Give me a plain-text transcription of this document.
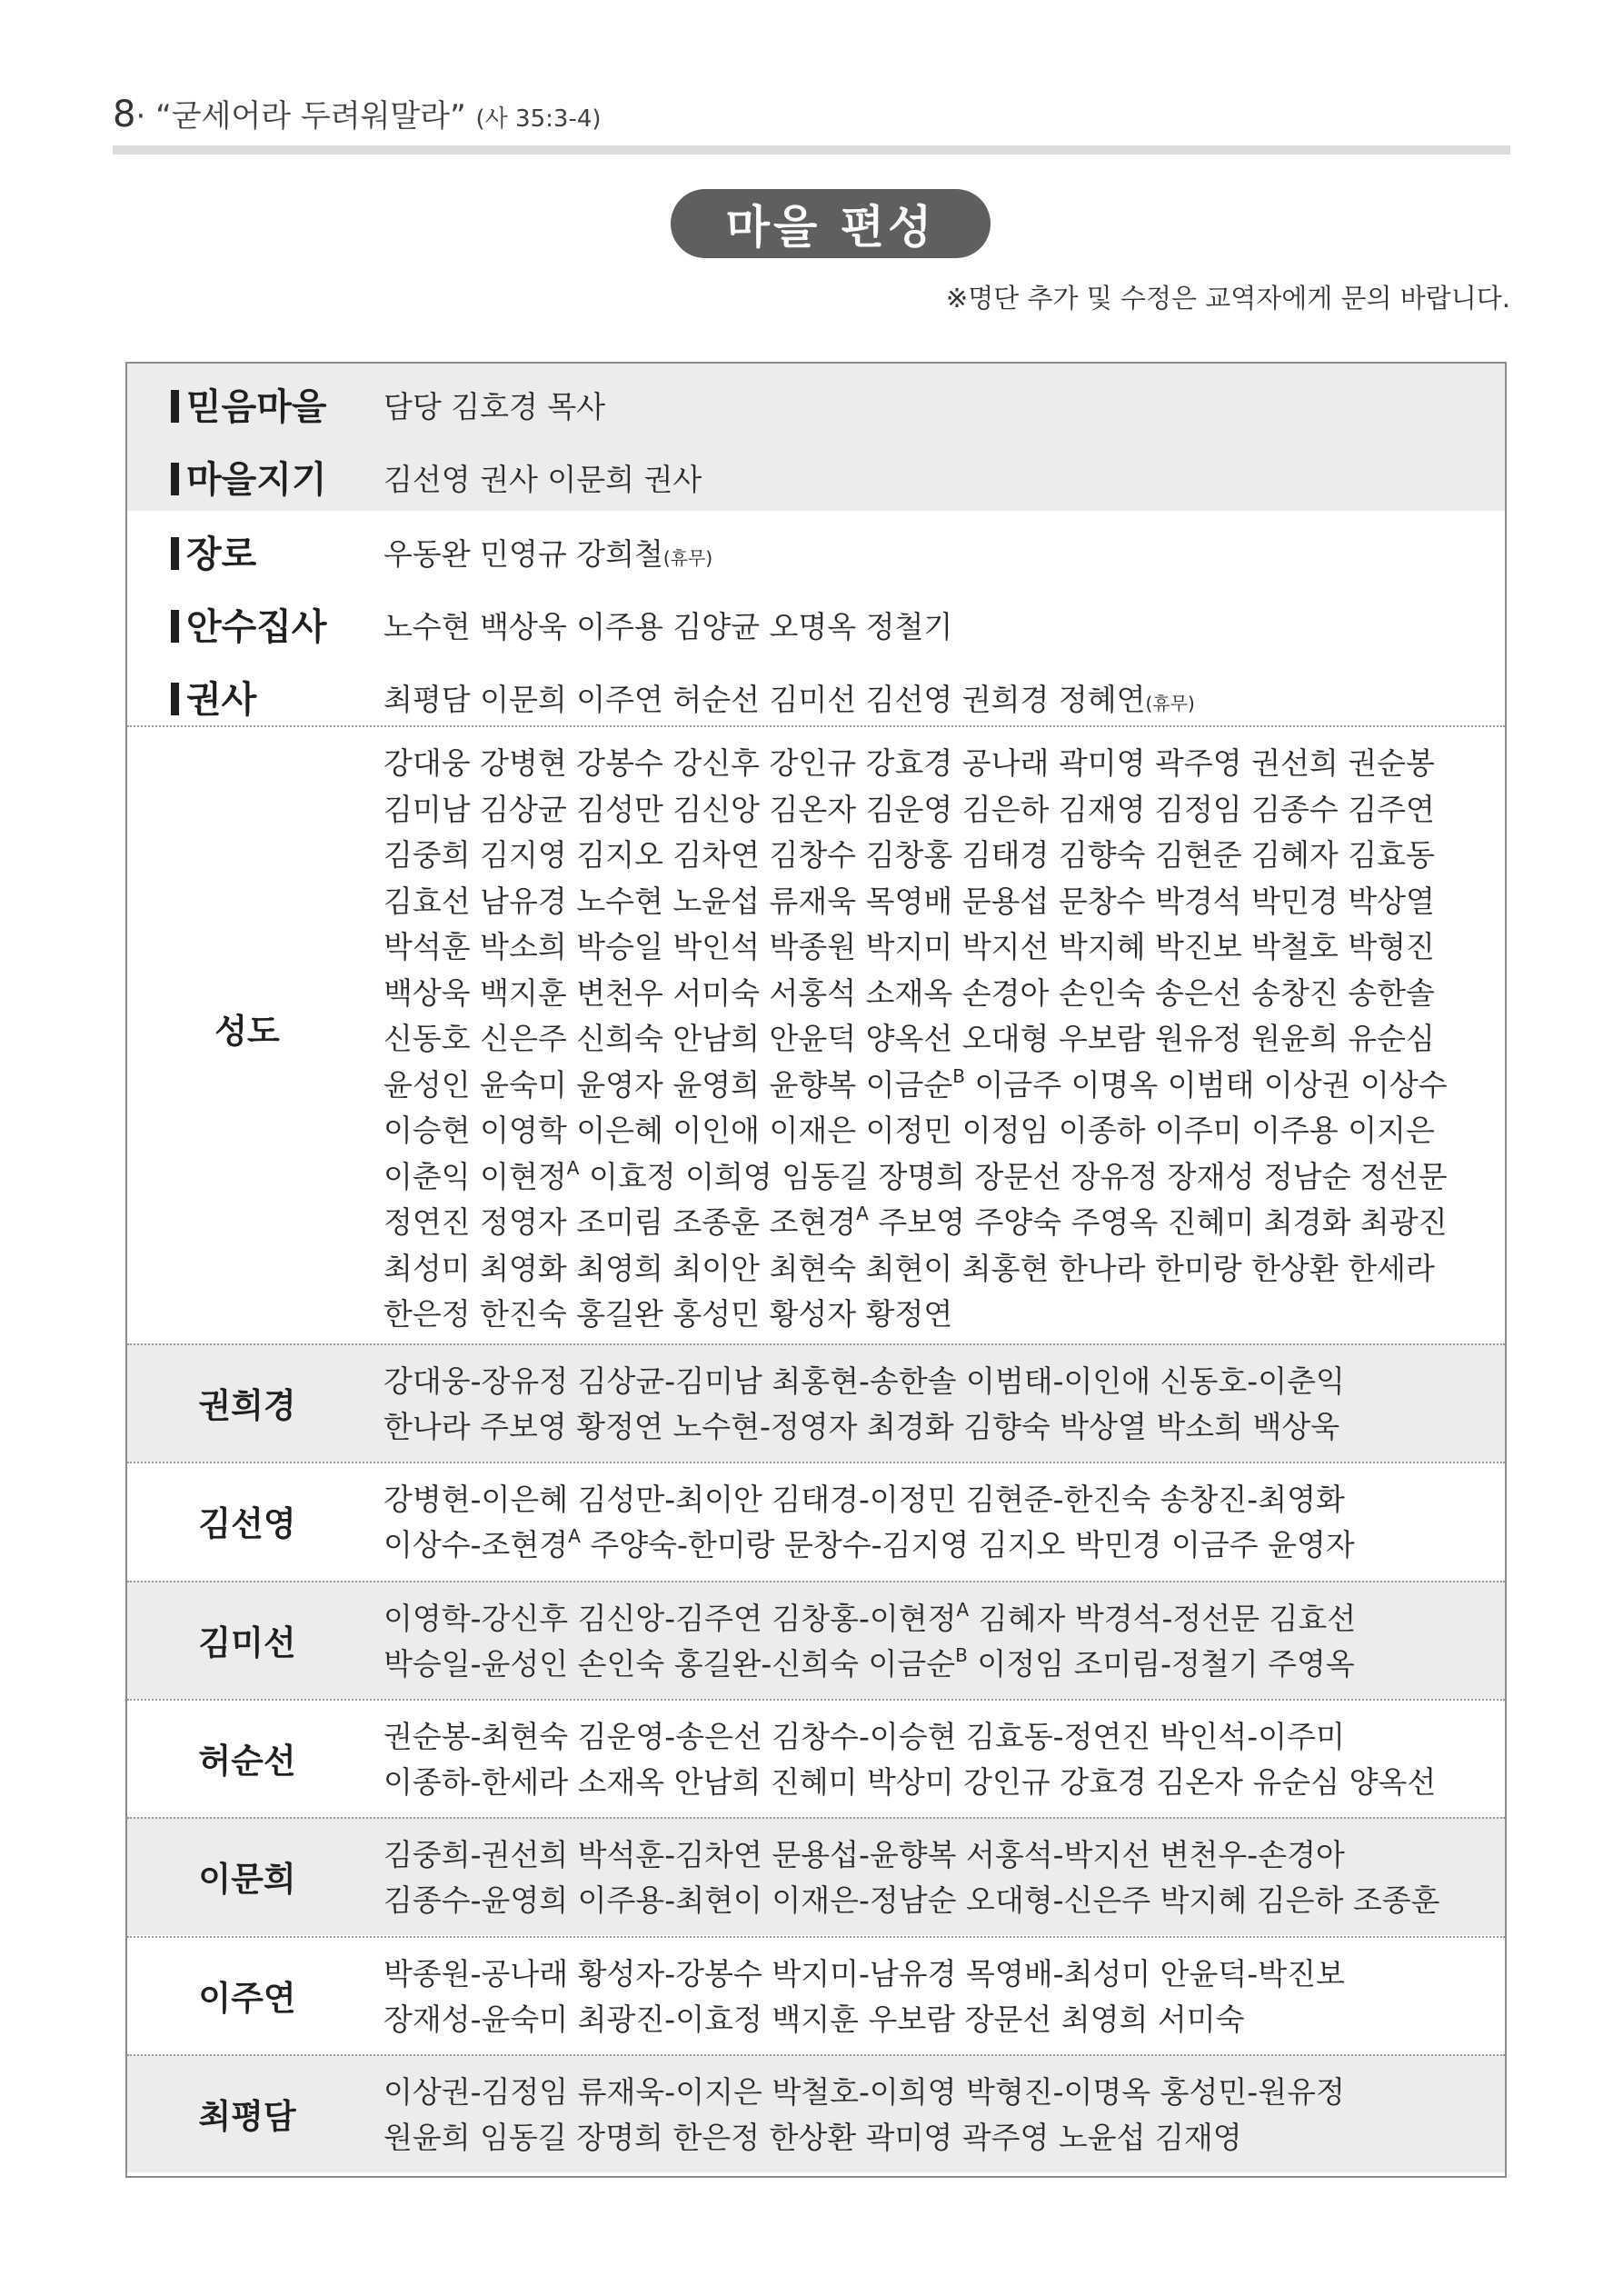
8· “굳세어라 두려워말라” (사 35:3-4)
마을 편성
※명단 추가 및 수정은 교역자에게 문의 바랍니다.
믿음마을 담당 김호경 목사
마을지기 김선영 권사 이문희 권사
장로	우동완 민영규 강희철(휴무)
안수집사 노수현 백상욱 이주용 김양균 오명옥 정철기
권사	최평담 이문희 이주연 허순선 김미선 김선영 권희경 정혜연(휴무)
성도
강대웅 강병현 강봉수 강신후 강인규 강효경 공나래 곽미영 곽주영 권선희 권순봉
김미남 김상균 김성만 김신앙 김온자 김운영 김은하 김재영 김정임 김종수 김주연
김중희 김지영 김지오 김차연 김창수 김창홍 김태경 김향숙 김현준 김혜자 김효동
김효선 남유경 노수현 노윤섭 류재욱 목영배 문용섭 문창수 박경석 박민경 박상열
박석훈 박소희 박승일 박인석 박종원 박지미 박지선 박지혜 박진보 박철호 박형진
백상욱 백지훈 변천우 서미숙 서홍석 소재옥 손경아 손인숙 송은선 송창진 송한솔
신동호 신은주 신희숙 안남희 안윤덕 양옥선 오대형 우보람 원유정 원윤희 유순심
윤성인 윤숙미 윤영자 윤영희 윤향복 이금순$^B$ 이금주 이명옥 이범태 이상권 이상수
이승현 이영학 이은혜 이인애 이재은 이정민 이정임 이종하 이주미 이주용 이지은
이춘익 이현정$^A$ 이효정 이희영 임동길 장명희 장문선 장유정 장재성 정남순 정선문
정연진 정영자 조미림 조종훈 조현경$^A$ 주보영 주양숙 주영옥 진혜미 최경화 최광진
최성미 최영화 최영희 최이안 최현숙 최현이 최홍현 한나라 한미랑 한상환 한세라
한은정 한진숙 홍길완 홍성민 황성자 황정연
권희경
강대웅-장유정 김상균-김미남 최홍현-송한솔 이범태-이인애 신동호-이춘익
한나라 주보영 황정연 노수현-정영자 최경화 김향숙 박상열 박소희 백상욱
김선영
강병현-이은혜 김성만-최이안 김태경-이정민 김현준-한진숙 송창진-최영화
이상수-조현경$^A$ 주양숙-한미랑 문창수-김지영 김지오 박민경 이금주 윤영자
김미선
이영학-강신후 김신앙-김주연 김창홍-이현정$^A$ 김혜자 박경석-정선문 김효선
박승일-윤성인 손인숙 홍길완-신희숙 이금순$^B$ 이정임 조미림-정철기 주영옥
허순선
권순봉-최현숙 김운영-송은선 김창수-이승현 김효동-정연진 박인석-이주미
이종하-한세라 소재옥 안남희 진혜미 박상미 강인규 강효경 김온자 유순심 양옥선
이문희
김중희-권선희 박석훈-김차연 문용섭-윤향복 서홍석-박지선 변천우-손경아
김종수-윤영희 이주용-최현이 이재은-정남순 오대형-신은주 박지혜 김은하 조종훈
이주연
박종원-공나래 황성자-강봉수 박지미-남유경 목영배-최성미 안윤덕-박진보
장재성-윤숙미 최광진-이효정 백지훈 우보람 장문선 최영희 서미숙
최평담
이상권-김정임 류재욱-이지은 박철호-이희영 박형진-이명옥 홍성민-원유정
원윤희 임동길 장명희 한은정 한상환 곽미영 곽주영 노윤섭 김재영
